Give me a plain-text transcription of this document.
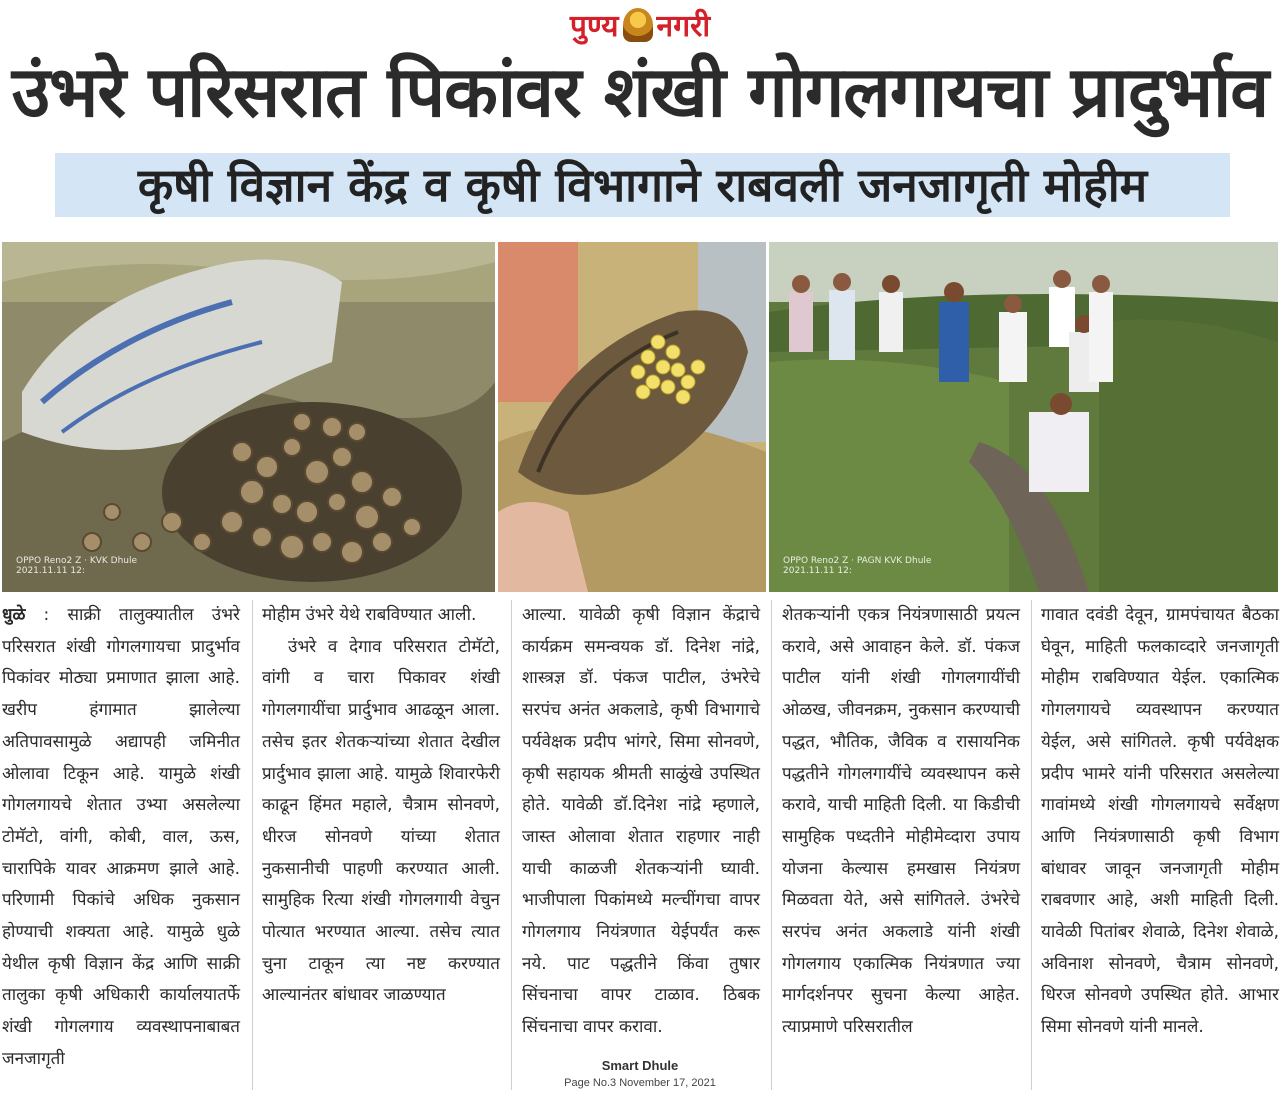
पुण्य नगरी
उंभरे परिसरात पिकांवर शंखी गोगलगायचा प्रादुर्भाव
कृषी विज्ञान केंद्र व कृषी विभागाने राबवली जनजागृती मोहीम
OPPO Reno2 Z · KVK Dhule
2021.11.11 12:
OPPO Reno2 Z · PAGN KVK Dhule
2021.11.11 12:

धुळे : साक्री तालुक्यातील उंभरे परिसरात शंखी गोगलगायचा प्रादुर्भाव पिकांवर मोठ्या प्रमाणात झाला आहे. खरीप हंगामात झालेल्या अतिपावसामुळे अद्यापही जमिनीत ओलावा टिकून आहे. यामुळे शंखी गोगलगायचे शेतात उभ्या असलेल्या टोमॅटो, वांगी, कोबी, वाल, ऊस, चारापिके यावर आक्रमण झाले आहे. परिणामी पिकांचे अधिक नुकसान होण्याची शक्यता आहे. यामुळे धुळे येथील कृषी विज्ञान केंद्र आणि साक्री तालुका कृषी अधिकारी कार्यालयातर्फे शंखी गोगलगाय व्यवस्थापनाबाबत जनजागृती

मोहीम उंभरे येथे राबविण्यात आली.

उंभरे व देगाव परिसरात टोमॅटो, वांगी व चारा पिकावर शंखी गोगलगायींचा प्रार्दुभाव आढळून आला. तसेच इतर शेतकऱ्यांच्या शेतात देखील प्रार्दुभाव झाला आहे. यामुळे शिवारफेरी काढून हिंमत महाले, चैत्राम सोनवणे, धीरज सोनवणे यांच्या शेतात नुकसानीची पाहणी करण्यात आली. सामुहिक रित्या शंखी गोगलगायी वेचुन पोत्यात भरण्यात आल्या. तसेच त्यात चुना टाकून त्या नष्ट करण्यात आल्यानंतर बांधावर जाळण्यात

आल्या. यावेळी कृषी विज्ञान केंद्राचे कार्यक्रम समन्वयक डॉ. दिनेश नांद्रे, शास्त्रज्ञ डॉ. पंकज पाटील, उंभरेचे सरपंच अनंत अकलाडे, कृषी विभागाचे पर्यवेक्षक प्रदीप भांगरे, सिमा सोनवणे, कृषी सहायक श्रीमती साळुंखे उपस्थित होते. यावेळी डॉ.दिनेश नांद्रे म्हणाले, जास्त ओलावा शेतात राहणार नाही याची काळजी शेतकऱ्यांनी घ्यावी. भाजीपाला पिकांमध्ये मल्चींगचा वापर गोगलगाय नियंत्रणात येईपर्यंत करू नये. पाट पद्धतीने किंवा तुषार सिंचनाचा वापर टाळाव. ठिबक सिंचनाचा वापर करावा.

शेतकऱ्यांनी एकत्र नियंत्रणासाठी प्रयत्न करावे, असे आवाहन केले. डॉ. पंकज पाटील यांनी शंखी गोगलगायींची ओळख, जीवनक्रम, नुकसान करण्याची पद्धत, भौतिक, जैविक व रासायनिक पद्धतीने गोगलगायींचे व्यवस्थापन कसे करावे, याची माहिती दिली. या किडीची सामुहिक पध्दतीने मोहीमेव्दारा उपाय योजना केल्यास हमखास नियंत्रण मिळवता येते, असे सांगितले. उंभरेचे सरपंच अनंत अकलाडे यांनी शंखी गोगलगाय एकात्मिक नियंत्रणात ज्या मार्गदर्शनपर सुचना केल्या आहेत. त्याप्रमाणे परिसरातील

गावात दवंडी देवून, ग्रामपंचायत बैठका घेवून, माहिती फलकाव्दारे जनजागृती मोहीम राबविण्यात येईल. एकात्मिक गोगलगायचे व्यवस्थापन करण्यात येईल, असे सांगितले. कृषी पर्यवेक्षक प्रदीप भामरे यांनी परिसरात असलेल्या गावांमध्ये शंखी गोगलगायचे सर्वेक्षण आणि नियंत्रणासाठी कृषी विभाग बांधावर जावून जनजागृती मोहीम राबवणार आहे, अशी माहिती दिली. यावेळी पितांबर शेवाळे, दिनेश शेवाळे, अविनाश सोनवणे, चैत्राम सोनवणे, धिरज सोनवणे उपस्थित होते. आभार सिमा सोनवणे यांनी मानले.

Smart Dhule
Page No.3 November 17, 2021
